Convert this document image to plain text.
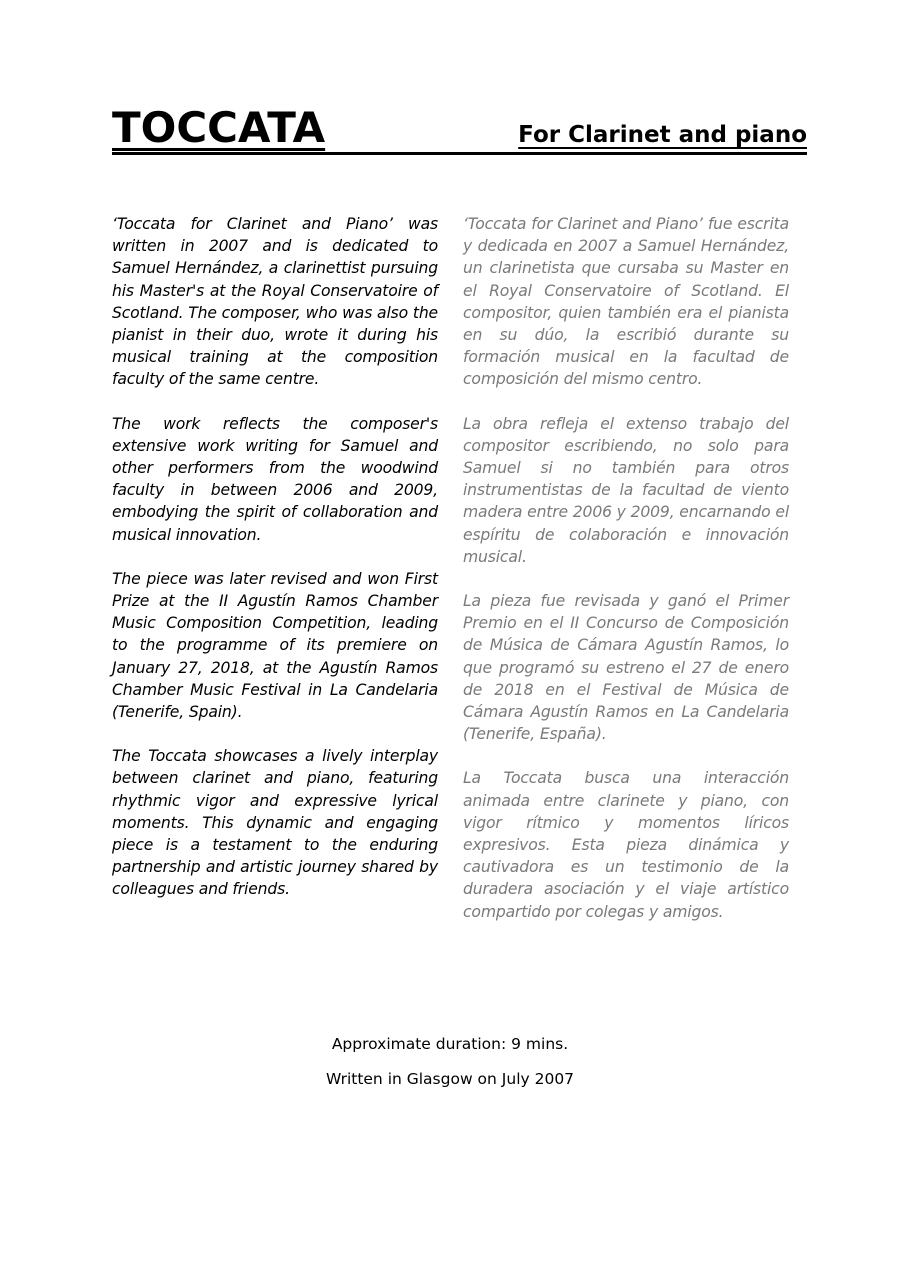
TOCCATA	For Clarinet and piano

‘Toccata for Clarinet and Piano’ was written in 2007 and is dedicated to Samuel Hernández, a clarinettist pursuing his Master's at the Royal Conservatoire of Scotland. The composer, who was also the pianist in their duo, wrote it during his musical training at the composition faculty of the same centre.

The work reflects the composer's extensive work writing for Samuel and other performers from the woodwind faculty in between 2006 and 2009, embodying the spirit of collaboration and musical innovation.

The piece was later revised and won First Prize at the II Agustín Ramos Chamber Music Composition Competition, leading to the programme of its premiere on January 27, 2018, at the Agustín Ramos Chamber Music Festival in La Candelaria (Tenerife, Spain).

The Toccata showcases a lively interplay between clarinet and piano, featuring rhythmic vigor and expressive lyrical moments. This dynamic and engaging piece is a testament to the enduring partnership and artistic journey shared by colleagues and friends.

‘Toccata for Clarinet and Piano’ fue escrita y dedicada en 2007 a Samuel Hernández, un clarinetista que cursaba su Master en el Royal Conservatoire of Scotland. El compositor, quien también era el pianista en su dúo, la escribió durante su formación musical en la facultad de composición del mismo centro.

La obra refleja el extenso trabajo del compositor escribiendo, no solo para Samuel si no también para otros instrumentistas de la facultad de viento madera entre 2006 y 2009, encarnando el espíritu de colaboración e innovación musical.

La pieza fue revisada y ganó el Primer Premio en el II Concurso de Composición de Música de Cámara Agustín Ramos, lo que programó su estreno el 27 de enero de 2018 en el Festival de Música de Cámara Agustín Ramos en La Candelaria (Tenerife, España).

La Toccata busca una interacción animada entre clarinete y piano, con vigor rítmico y momentos líricos expresivos. Esta pieza dinámica y cautivadora es un testimonio de la duradera asociación y el viaje artístico compartido por colegas y amigos.

Approximate duration: 9 mins.
Written in Glasgow on July 2007
